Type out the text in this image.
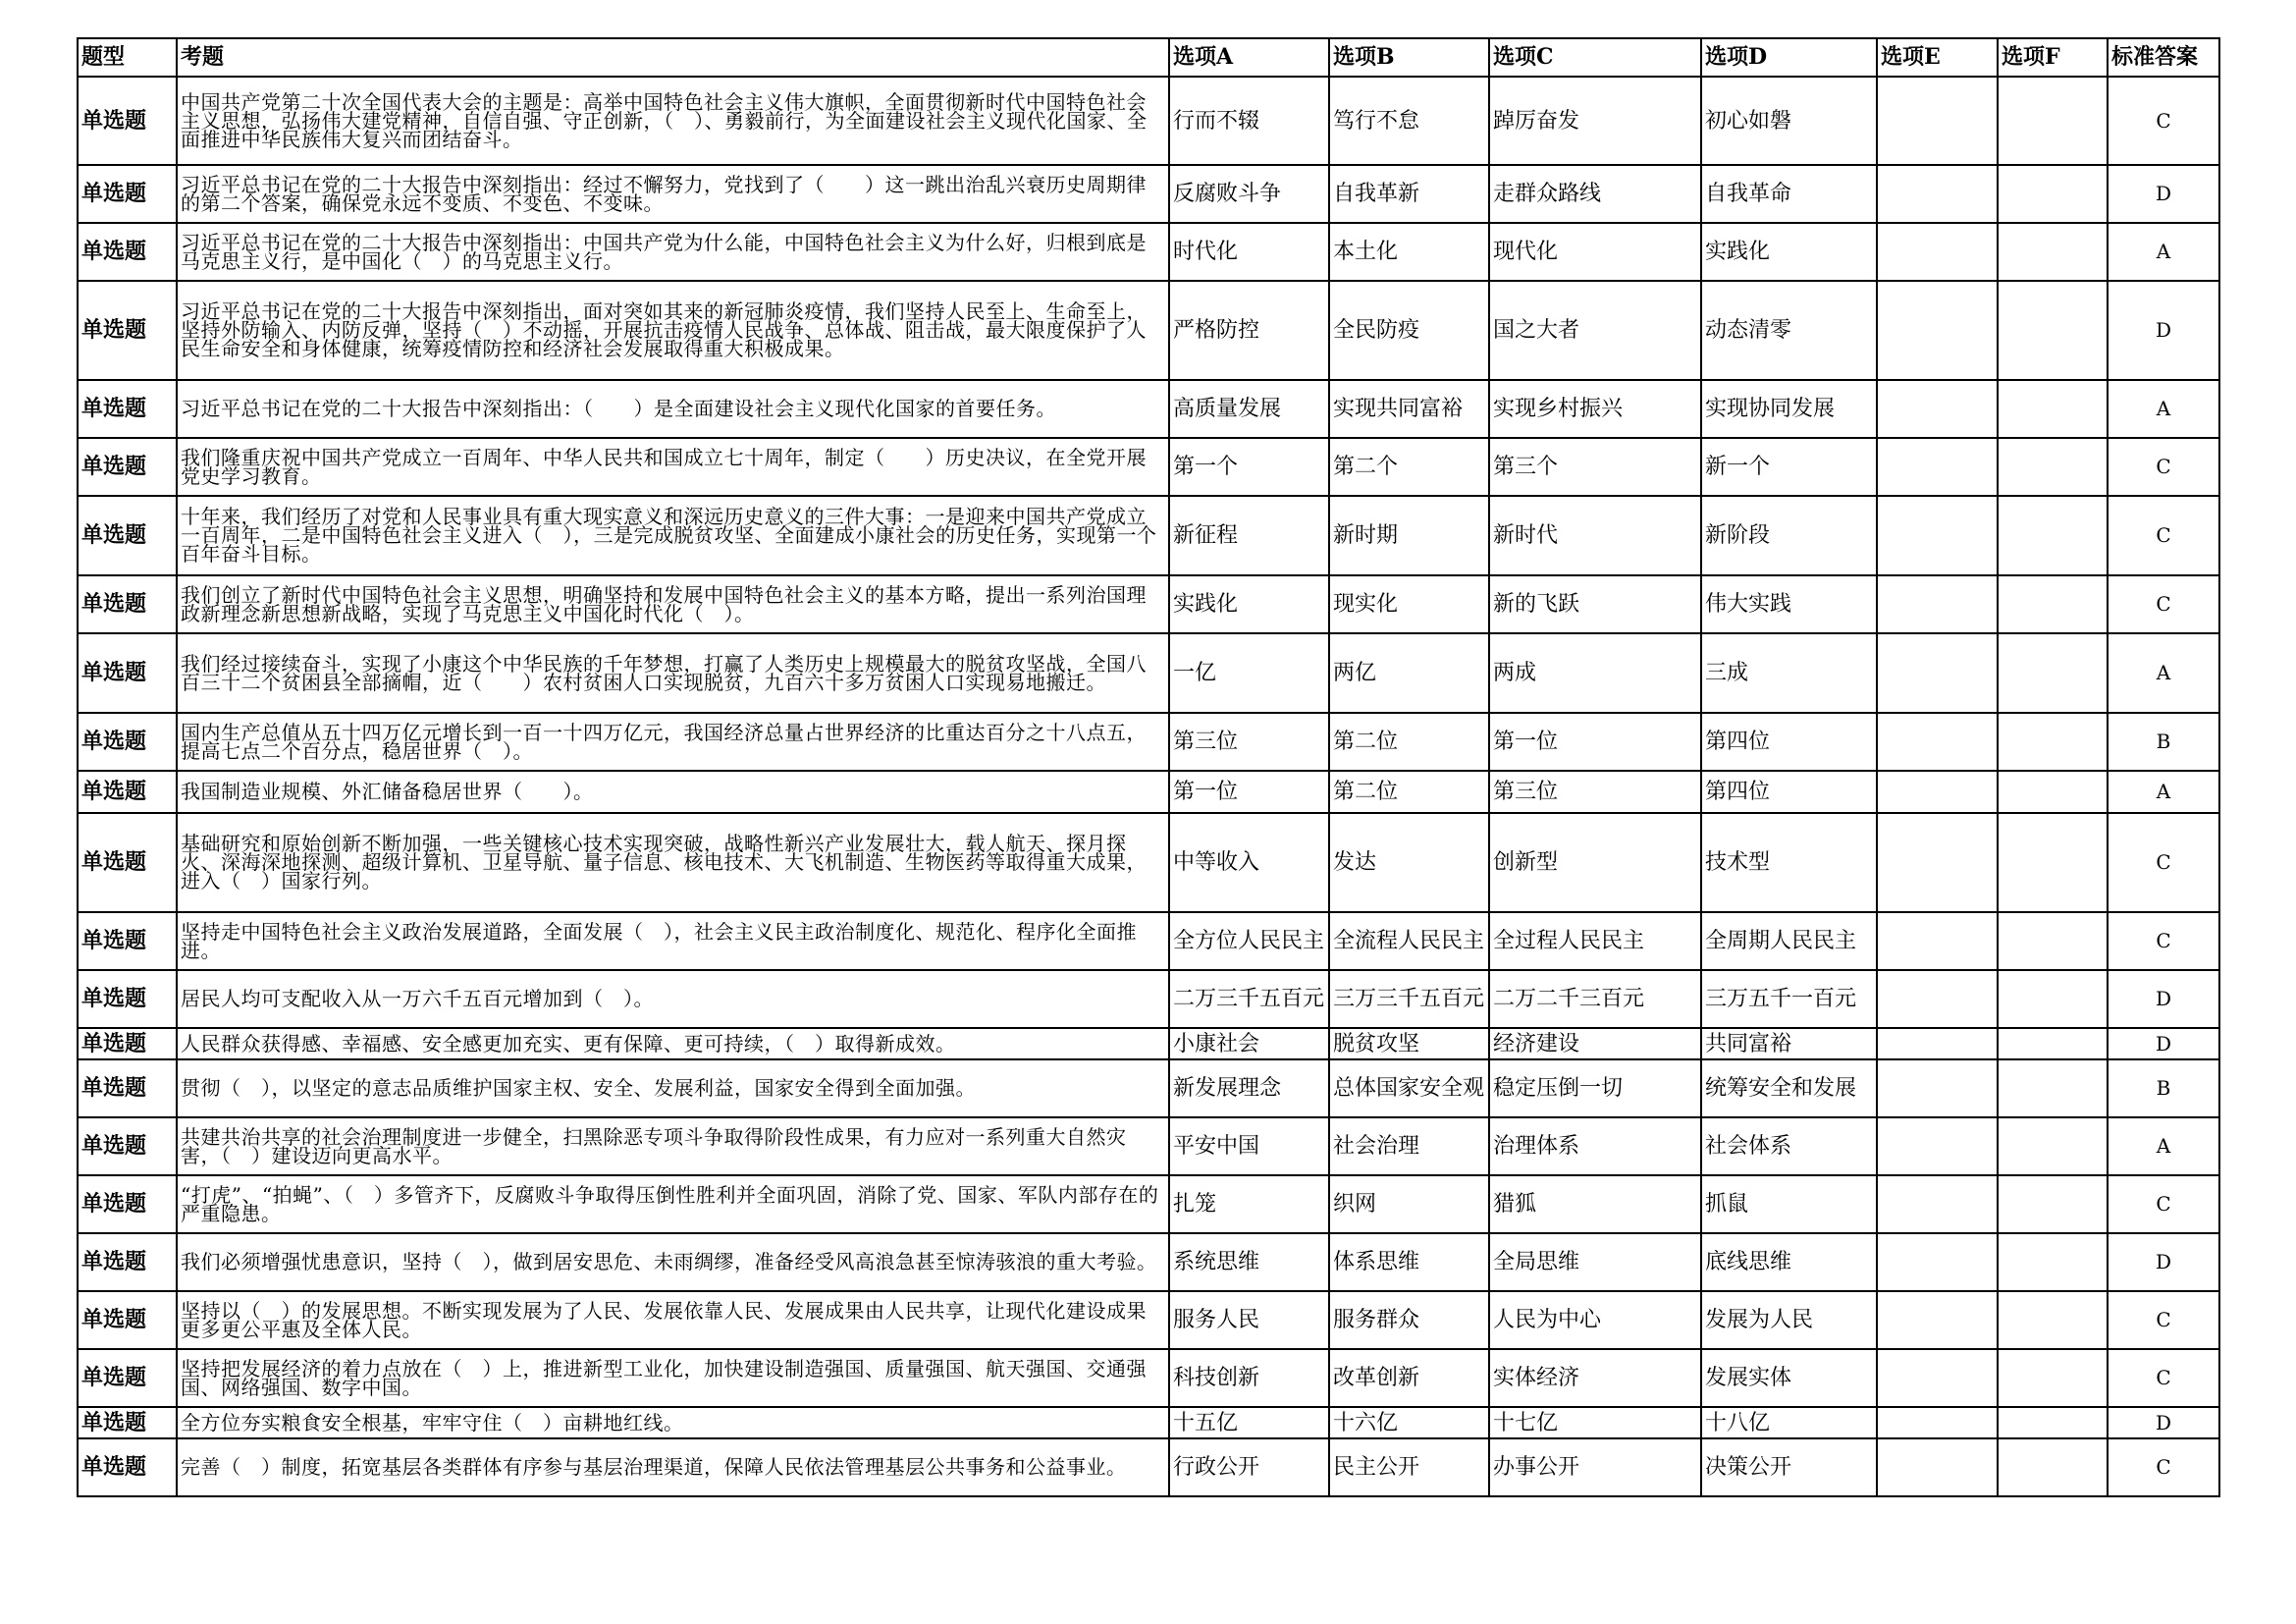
题型	考题	选项A	选项B	选项C	选项D	选项E	选项F	标准答案
单选题	中国共产党第二十次全国代表大会的主题是：高举中国特色社会主义伟大旗帜，全面贯彻新时代中国特色社会主义思想，弘扬伟大建党精神，自信自强、守正创新，（　）、勇毅前行，为全面建设社会主义现代化国家、全面推进中华民族伟大复兴而团结奋斗。	行而不辍	笃行不怠	踔厉奋发	初心如磐			C
单选题	习近平总书记在党的二十大报告中深刻指出：经过不懈努力，党找到了（　　）这一跳出治乱兴衰历史周期律的第二个答案，确保党永远不变质、不变色、不变味。	反腐败斗争	自我革新	走群众路线	自我革命			D
单选题	习近平总书记在党的二十大报告中深刻指出：中国共产党为什么能，中国特色社会主义为什么好，归根到底是马克思主义行，是中国化（　）的马克思主义行。	时代化	本土化	现代化	实践化			A
单选题	习近平总书记在党的二十大报告中深刻指出，面对突如其来的新冠肺炎疫情，我们坚持人民至上、生命至上，坚持外防输入、内防反弹，坚持（　）不动摇，开展抗击疫情人民战争、总体战、阻击战，最大限度保护了人民生命安全和身体健康，统筹疫情防控和经济社会发展取得重大积极成果。	严格防控	全民防疫	国之大者	动态清零			D
单选题	习近平总书记在党的二十大报告中深刻指出：（　　）是全面建设社会主义现代化国家的首要任务。	高质量发展	实现共同富裕	实现乡村振兴	实现协同发展			A
单选题	我们隆重庆祝中国共产党成立一百周年、中华人民共和国成立七十周年，制定（　　）历史决议，在全党开展党史学习教育。	第一个	第二个	第三个	新一个			C
单选题	十年来，我们经历了对党和人民事业具有重大现实意义和深远历史意义的三件大事：一是迎来中国共产党成立一百周年，二是中国特色社会主义进入（　），三是完成脱贫攻坚、全面建成小康社会的历史任务，实现第一个百年奋斗目标。	新征程	新时期	新时代	新阶段			C
单选题	我们创立了新时代中国特色社会主义思想，明确坚持和发展中国特色社会主义的基本方略，提出一系列治国理政新理念新思想新战略，实现了马克思主义中国化时代化（　）。	实践化	现实化	新的飞跃	伟大实践			C
单选题	我们经过接续奋斗，实现了小康这个中华民族的千年梦想，打赢了人类历史上规模最大的脱贫攻坚战，全国八百三十二个贫困县全部摘帽，近（　　）农村贫困人口实现脱贫，九百六十多万贫困人口实现易地搬迁。	一亿	两亿	两成	三成			A
单选题	国内生产总值从五十四万亿元增长到一百一十四万亿元，我国经济总量占世界经济的比重达百分之十八点五，提高七点二个百分点，稳居世界（　）。	第三位	第二位	第一位	第四位			B
单选题	我国制造业规模、外汇储备稳居世界（　　）。	第一位	第二位	第三位	第四位			A
单选题	基础研究和原始创新不断加强，一些关键核心技术实现突破，战略性新兴产业发展壮大，载人航天、探月探火、深海深地探测、超级计算机、卫星导航、量子信息、核电技术、大飞机制造、生物医药等取得重大成果，进入（　）国家行列。	中等收入	发达	创新型	技术型			C
单选题	坚持走中国特色社会主义政治发展道路，全面发展（　），社会主义民主政治制度化、规范化、程序化全面推进。	全方位人民民主	全流程人民民主	全过程人民民主	全周期人民民主			C
单选题	居民人均可支配收入从一万六千五百元增加到（　）。	二万三千五百元	三万三千五百元	二万二千三百元	三万五千一百元			D
单选题	人民群众获得感、幸福感、安全感更加充实、更有保障、更可持续，（　）取得新成效。	小康社会	脱贫攻坚	经济建设	共同富裕			D
单选题	贯彻（　），以坚定的意志品质维护国家主权、安全、发展利益，国家安全得到全面加强。	新发展理念	总体国家安全观	稳定压倒一切	统筹安全和发展			B
单选题	共建共治共享的社会治理制度进一步健全，扫黑除恶专项斗争取得阶段性成果，有力应对一系列重大自然灾害，（　）建设迈向更高水平。	平安中国	社会治理	治理体系	社会体系			A
单选题	“打虎”、“拍蝇”、（　）多管齐下，反腐败斗争取得压倒性胜利并全面巩固，消除了党、国家、军队内部存在的严重隐患。	扎笼	织网	猎狐	抓鼠			C
单选题	我们必须增强忧患意识，坚持（　），做到居安思危、未雨绸缪，准备经受风高浪急甚至惊涛骇浪的重大考验。	系统思维	体系思维	全局思维	底线思维			D
单选题	坚持以（　）的发展思想。不断实现发展为了人民、发展依靠人民、发展成果由人民共享，让现代化建设成果更多更公平惠及全体人民。	服务人民	服务群众	人民为中心	发展为人民			C
单选题	坚持把发展经济的着力点放在（　）上，推进新型工业化，加快建设制造强国、质量强国、航天强国、交通强国、网络强国、数字中国。	科技创新	改革创新	实体经济	发展实体			C
单选题	全方位夯实粮食安全根基，牢牢守住（　）亩耕地红线。	十五亿	十六亿	十七亿	十八亿			D
单选题	完善（　）制度，拓宽基层各类群体有序参与基层治理渠道，保障人民依法管理基层公共事务和公益事业。	行政公开	民主公开	办事公开	决策公开			C
